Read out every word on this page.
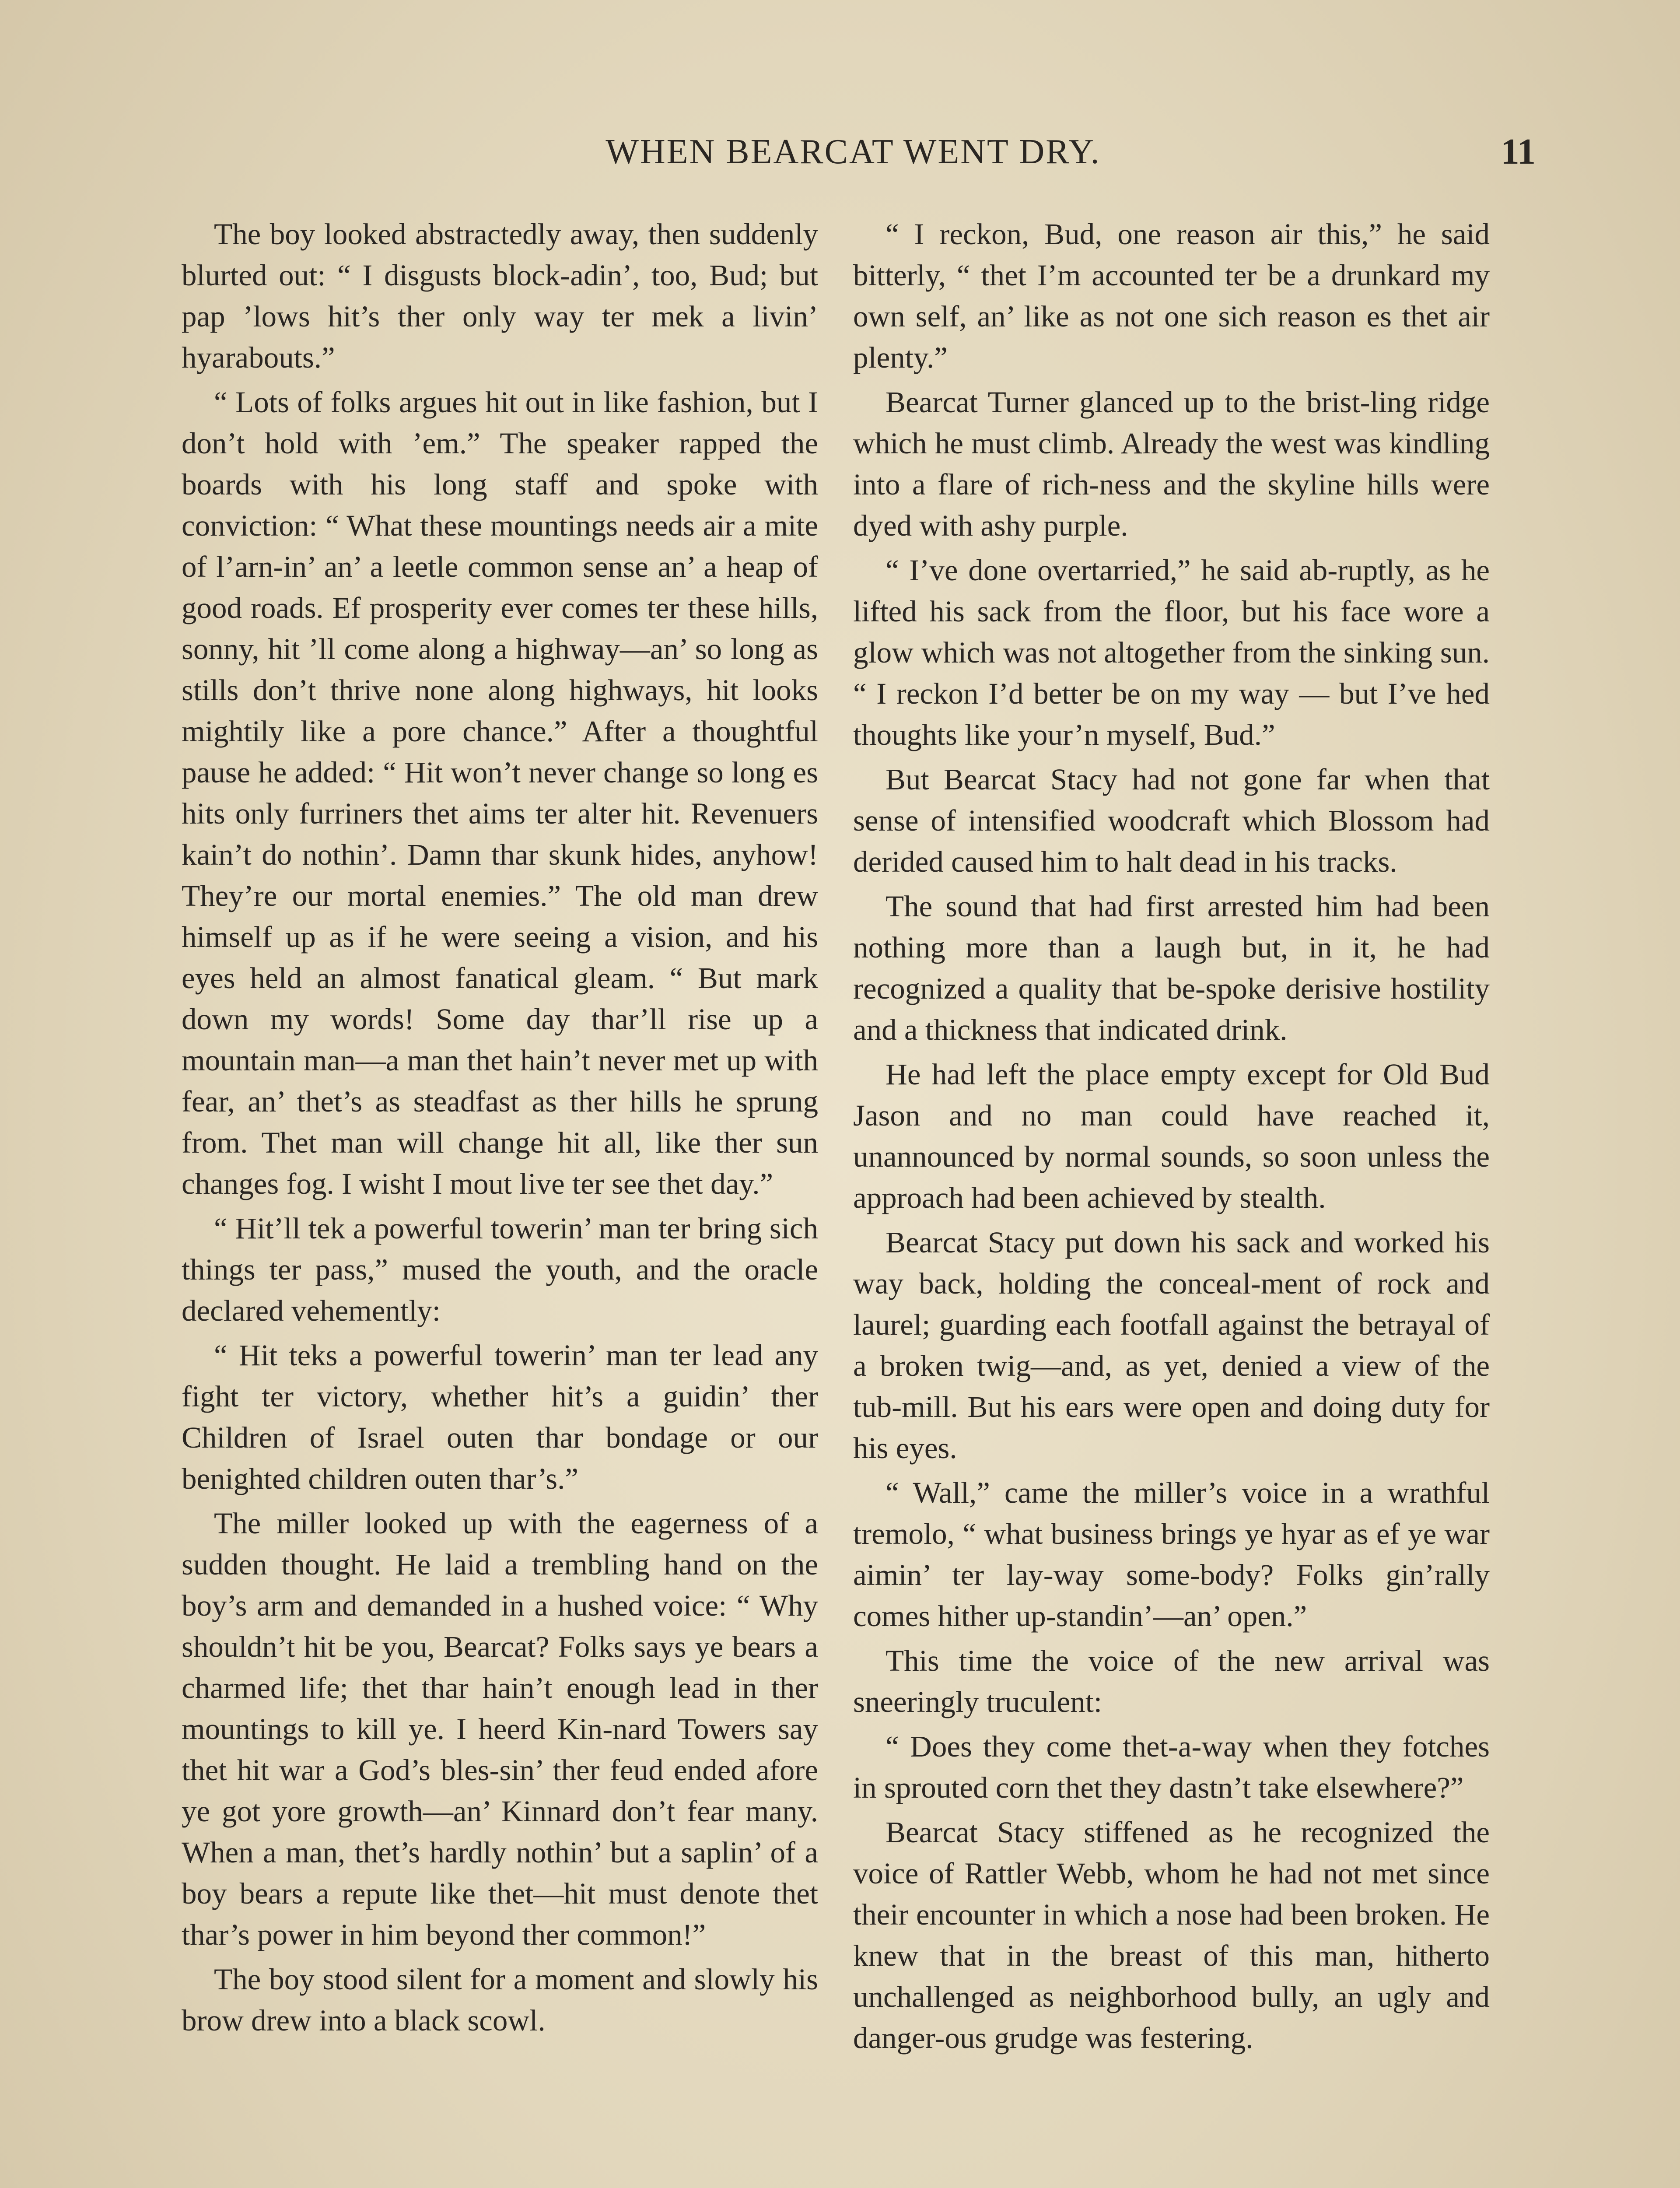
WHEN BEARCAT WENT DRY.	11

The boy looked abstractedly away, then suddenly blurted out: “ I disgusts block-adin’, too, Bud; but pap ’lows hit’s ther only way ter mek a livin’ hyarabouts.”

“ Lots of folks argues hit out in like fashion, but I don’t hold with ’em.” The speaker rapped the boards with his long staff and spoke with conviction: “ What these mountings needs air a mite of l’arn-in’ an’ a leetle common sense an’ a heap of good roads. Ef prosperity ever comes ter these hills, sonny, hit ’ll come along a highway—an’ so long as stills don’t thrive none along highways, hit looks mightily like a pore chance.” After a thoughtful pause he added: “ Hit won’t never change so long es hits only furriners thet aims ter alter hit. Revenuers kain’t do nothin’. Damn thar skunk hides, anyhow! They’re our mortal enemies.” The old man drew himself up as if he were seeing a vision, and his eyes held an almost fanatical gleam. “ But mark down my words! Some day thar’ll rise up a mountain man—a man thet hain’t never met up with fear, an’ thet’s as steadfast as ther hills he sprung from. Thet man will change hit all, like ther sun changes fog. I wisht I mout live ter see thet day.”

“ Hit’ll tek a powerful towerin’ man ter bring sich things ter pass,” mused the youth, and the oracle declared vehemently:

“ Hit teks a powerful towerin’ man ter lead any fight ter victory, whether hit’s a guidin’ ther Children of Israel outen thar bondage or our benighted children outen thar’s.”

The miller looked up with the eagerness of a sudden thought. He laid a trembling hand on the boy’s arm and demanded in a hushed voice: “ Why shouldn’t hit be you, Bearcat? Folks says ye bears a charmed life; thet thar hain’t enough lead in ther mountings to kill ye. I heerd Kin-nard Towers say thet hit war a God’s bles-sin’ ther feud ended afore ye got yore growth—an’ Kinnard don’t fear many. When a man, thet’s hardly nothin’ but a saplin’ of a boy bears a repute like thet—hit must denote thet thar’s power in him beyond ther common!”

The boy stood silent for a moment and slowly his brow drew into a black scowl.

“ I reckon, Bud, one reason air this,” he said bitterly, “ thet I’m accounted ter be a drunkard my own self, an’ like as not one sich reason es thet air plenty.”

Bearcat Turner glanced up to the brist-ling ridge which he must climb. Already the west was kindling into a flare of rich-ness and the skyline hills were dyed with ashy purple.

“ I’ve done overtarried,” he said ab-ruptly, as he lifted his sack from the floor, but his face wore a glow which was not altogether from the sinking sun. “ I reckon I’d better be on my way — but I’ve hed thoughts like your’n myself, Bud.”

But Bearcat Stacy had not gone far when that sense of intensified woodcraft which Blossom had derided caused him to halt dead in his tracks.

The sound that had first arrested him had been nothing more than a laugh but, in it, he had recognized a quality that be-spoke derisive hostility and a thickness that indicated drink.

He had left the place empty except for Old Bud Jason and no man could have reached it, unannounced by normal sounds, so soon unless the approach had been achieved by stealth.

Bearcat Stacy put down his sack and worked his way back, holding the conceal-ment of rock and laurel; guarding each footfall against the betrayal of a broken twig—and, as yet, denied a view of the tub-mill. But his ears were open and doing duty for his eyes.

“ Wall,” came the miller’s voice in a wrathful tremolo, “ what business brings ye hyar as ef ye war aimin’ ter lay-way some-body? Folks gin’rally comes hither up-standin’—an’ open.”

This time the voice of the new arrival was sneeringly truculent:

“ Does they come thet-a-way when they fotches in sprouted corn thet they dastn’t take elsewhere?”

Bearcat Stacy stiffened as he recognized the voice of Rattler Webb, whom he had not met since their encounter in which a nose had been broken. He knew that in the breast of this man, hitherto unchallenged as neighborhood bully, an ugly and danger-ous grudge was festering.
